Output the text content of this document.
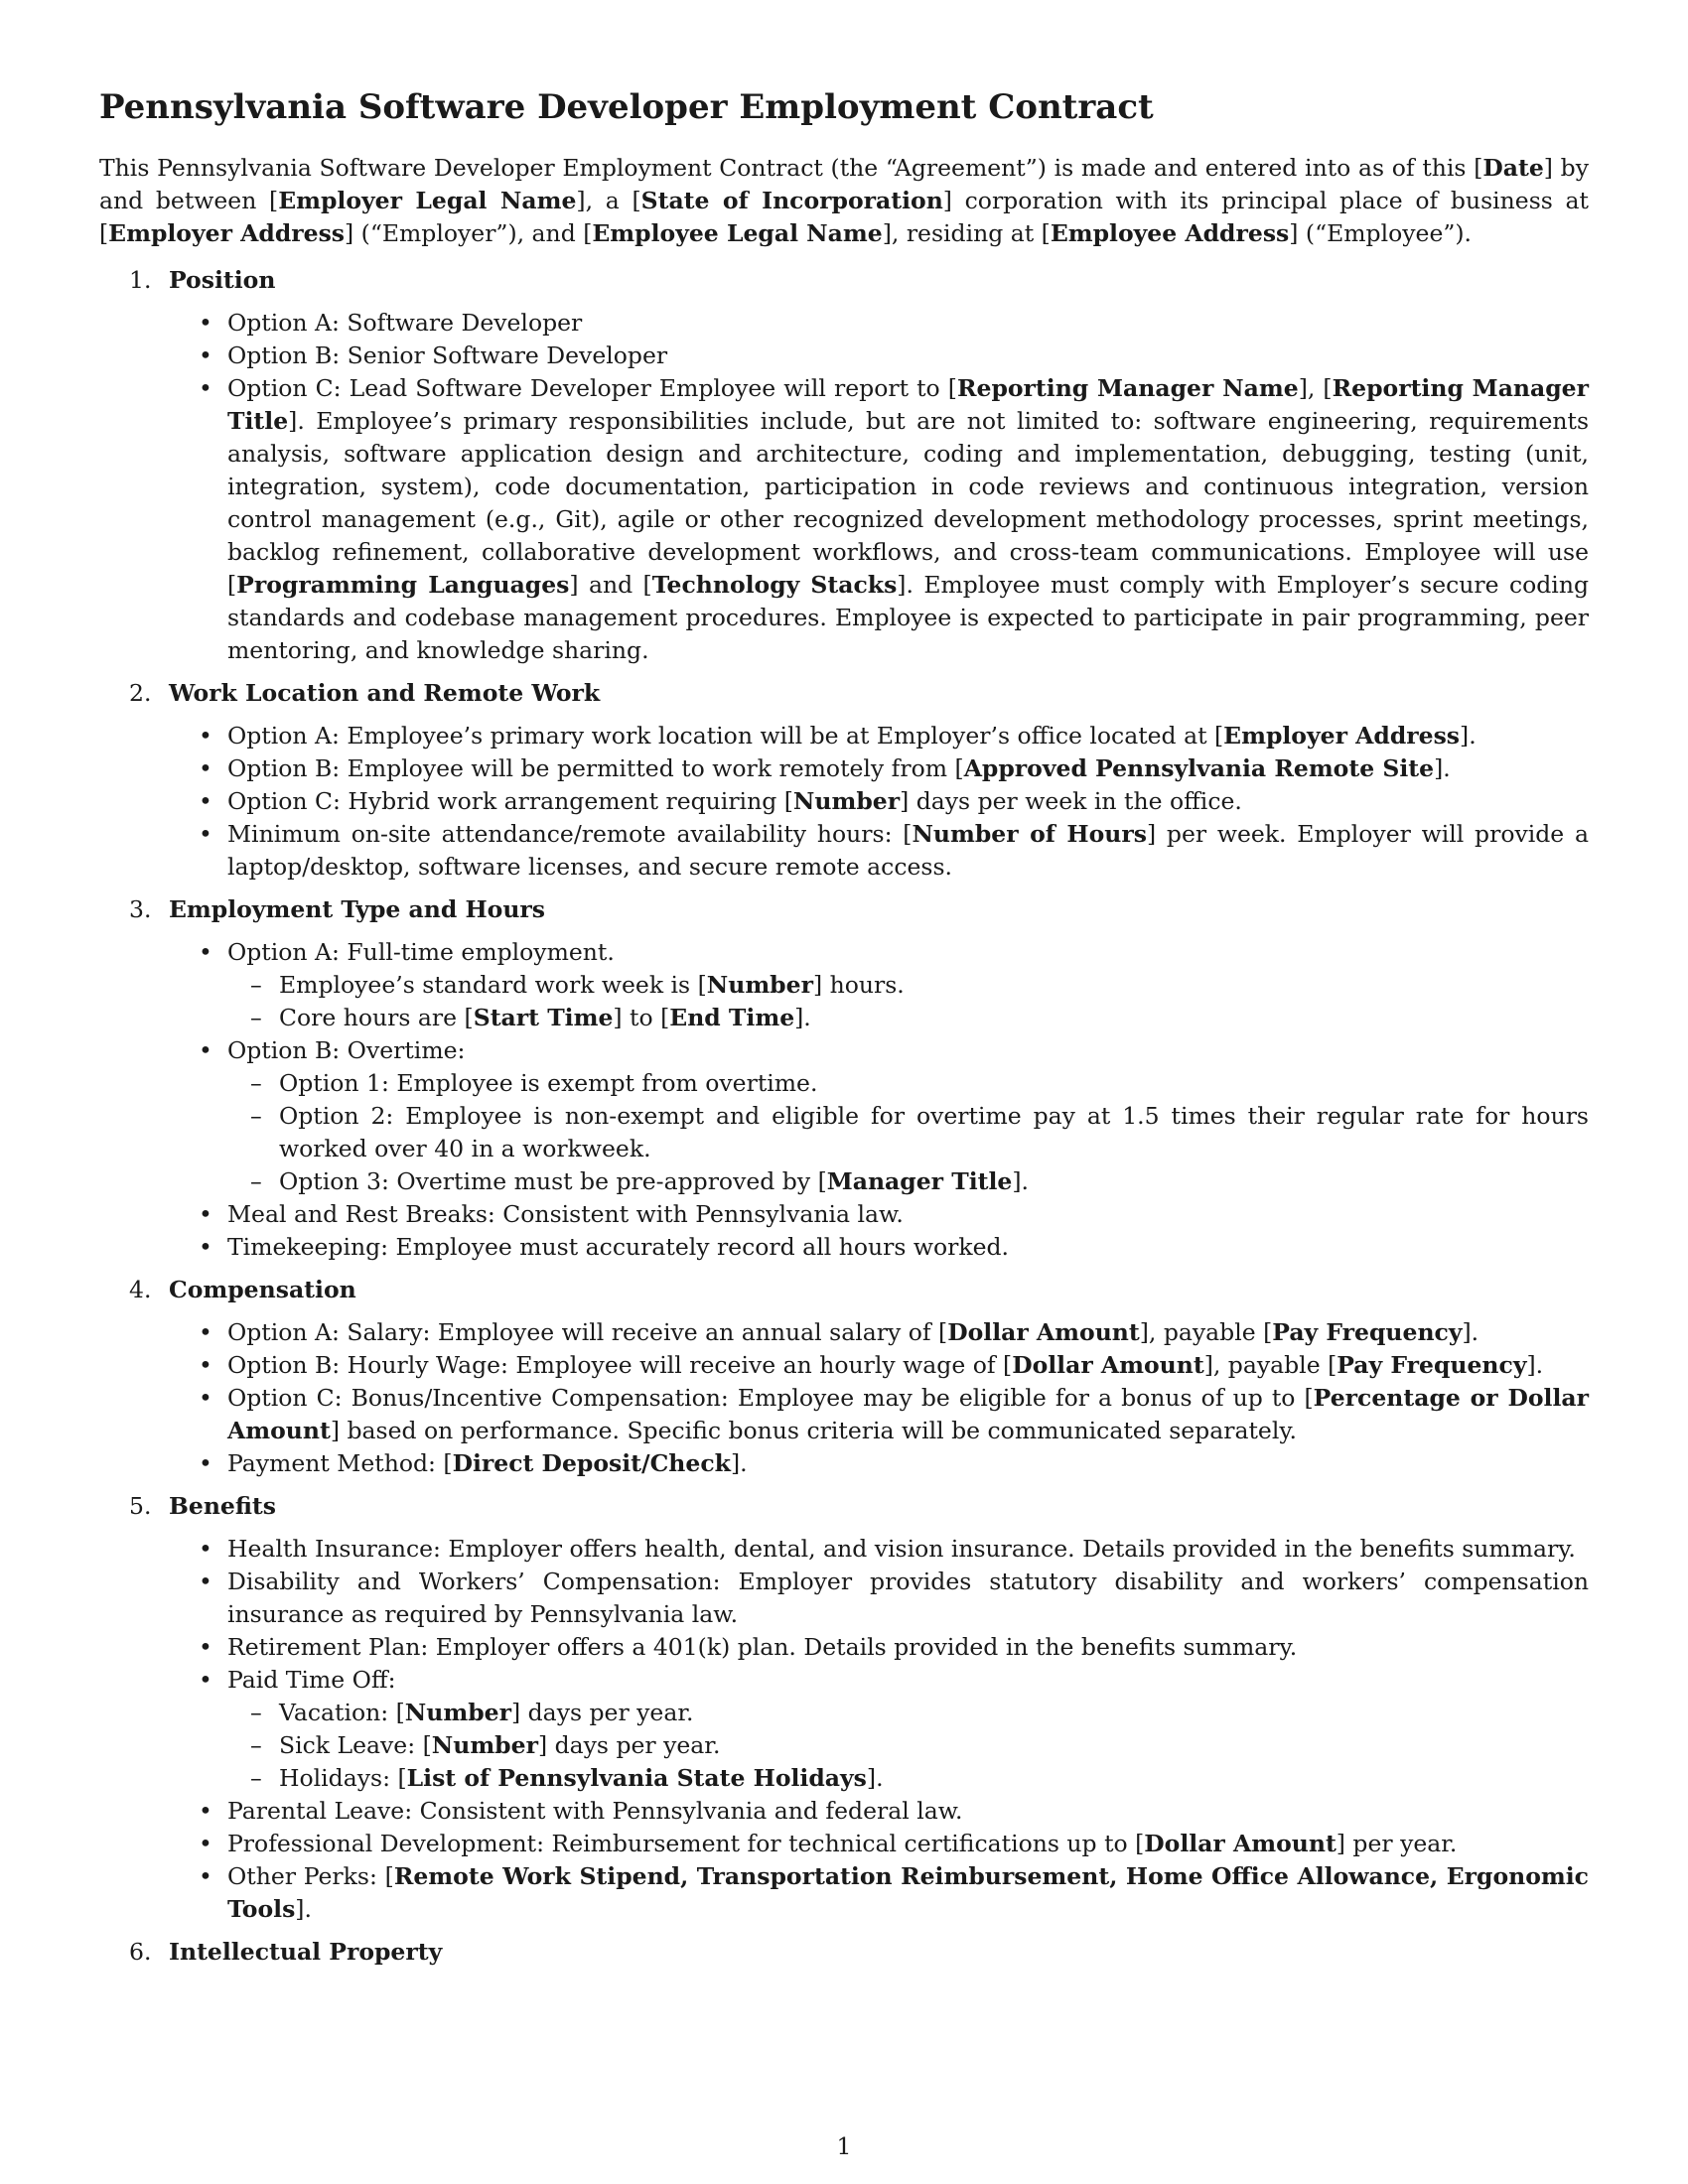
Pennsylvania Software Developer Employment Contract

This Pennsylvania Software Developer Employment Contract (the “Agreement”) is made and entered into as of this [Date] by and between [Employer Legal Name], a [State of Incorporation] corporation with its principal place of business at [Employer Address] (“Employer”), and [Employee Legal Name], residing at [Employee Address] (“Employee”).

1. Position
• Option A: Software Developer
• Option B: Senior Software Developer
• Option C: Lead Software Developer Employee will report to [Reporting Manager Name], [Reporting Manager Title]. Employee’s primary responsibilities include, but are not limited to: software engineering, requirements analysis, software application design and architecture, coding and implementation, debugging, testing (unit, integration, system), code documentation, participation in code reviews and continuous integration, version control management (e.g., Git), agile or other recognized development methodology processes, sprint meetings, backlog refinement, collaborative development workflows, and cross-team communications. Employee will use [Programming Languages] and [Technology Stacks]. Employee must comply with Employer’s secure coding standards and codebase management procedures. Employee is expected to participate in pair programming, peer mentoring, and knowledge sharing.
2. Work Location and Remote Work
• Option A: Employee’s primary work location will be at Employer’s office located at [Employer Address].
• Option B: Employee will be permitted to work remotely from [Approved Pennsylvania Remote Site].
• Option C: Hybrid work arrangement requiring [Number] days per week in the office.
• Minimum on-site attendance/remote availability hours: [Number of Hours] per week. Employer will provide a laptop/desktop, software licenses, and secure remote access.
3. Employment Type and Hours
• Option A: Full-time employment.
– Employee’s standard work week is [Number] hours.
– Core hours are [Start Time] to [End Time].
• Option B: Overtime:
– Option 1: Employee is exempt from overtime.
– Option 2: Employee is non-exempt and eligible for overtime pay at 1.5 times their regular rate for hours worked over 40 in a workweek.
– Option 3: Overtime must be pre-approved by [Manager Title].
• Meal and Rest Breaks: Consistent with Pennsylvania law.
• Timekeeping: Employee must accurately record all hours worked.
4. Compensation
• Option A: Salary: Employee will receive an annual salary of [Dollar Amount], payable [Pay Frequency].
• Option B: Hourly Wage: Employee will receive an hourly wage of [Dollar Amount], payable [Pay Frequency].
• Option C: Bonus/Incentive Compensation: Employee may be eligible for a bonus of up to [Percentage or Dollar Amount] based on performance. Specific bonus criteria will be communicated separately.
• Payment Method: [Direct Deposit/Check].
5. Benefits
• Health Insurance: Employer offers health, dental, and vision insurance. Details provided in the benefits summary.
• Disability and Workers’ Compensation: Employer provides statutory disability and workers’ compensation insurance as required by Pennsylvania law.
• Retirement Plan: Employer offers a 401(k) plan. Details provided in the benefits summary.
• Paid Time Off:
– Vacation: [Number] days per year.
– Sick Leave: [Number] days per year.
– Holidays: [List of Pennsylvania State Holidays].
• Parental Leave: Consistent with Pennsylvania and federal law.
• Professional Development: Reimbursement for technical certifications up to [Dollar Amount] per year.
• Other Perks: [Remote Work Stipend, Transportation Reimbursement, Home Office Allowance, Ergonomic Tools].
6. Intellectual Property
1
